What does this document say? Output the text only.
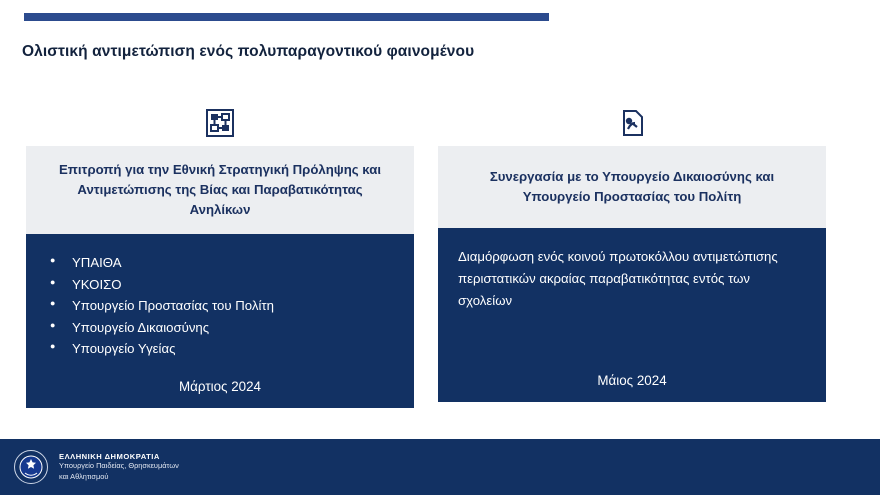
Ολιστική αντιμετώπιση ενός πολυπαραγοντικού φαινομένου
Επιτροπή για την Εθνική Στρατηγική Πρόληψης και Αντιμετώπισης της Βίας και Παραβατικότητας Ανηλίκων
● ΥΠΑΙΘΑ
● ΥΚΟΙΣΟ
● Υπουργείο Προστασίας του Πολίτη
● Υπουργείο Δικαιοσύνης
● Υπουργείο Υγείας
Μάρτιος 2024
Συνεργασία με το Υπουργείο Δικαιοσύνης και Υπουργείο Προστασίας του Πολίτη
Διαμόρφωση ενός κοινού πρωτοκόλλου αντιμετώπισης περιστατικών ακραίας παραβατικότητας εντός των σχολείων
Μάιος 2024
ΕΛΛΗΝΙΚΗ ΔΗΜΟΚΡΑΤΙΑ
Υπουργείο Παιδείας, Θρησκευμάτων
και Αθλητισμού
